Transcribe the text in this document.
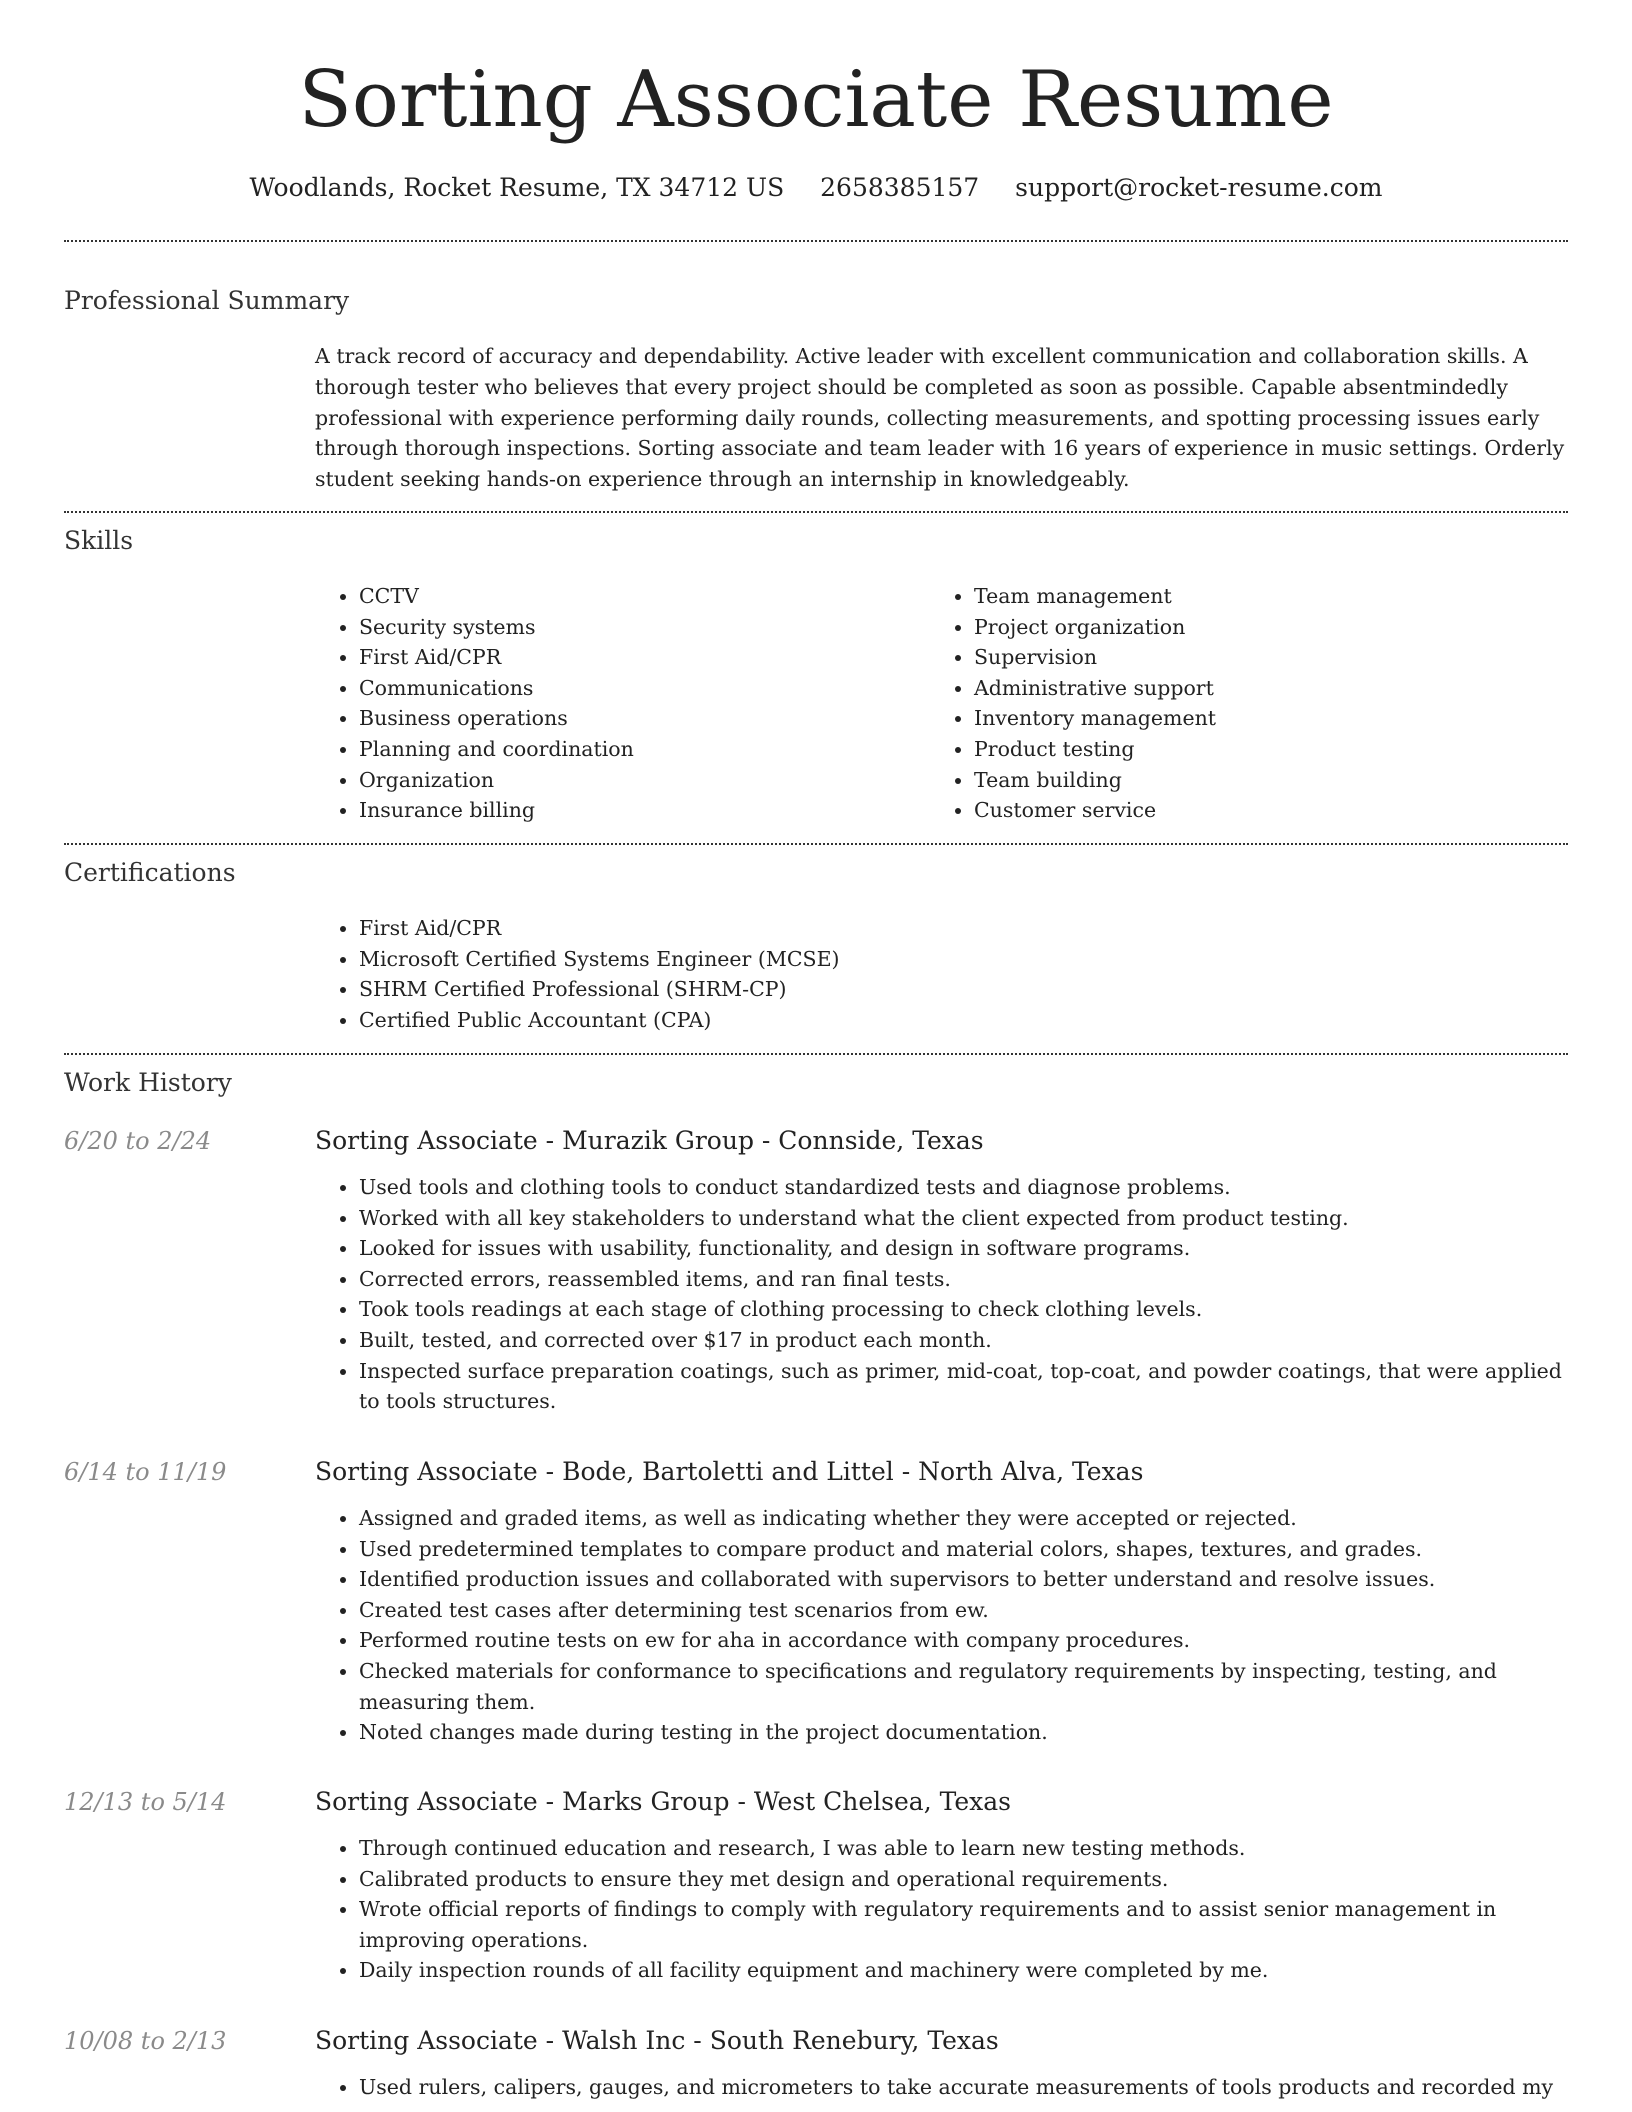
Sorting Associate Resume
Woodlands, Rocket Resume, TX 34712 US 2658385157 support@rocket-resume.com
Professional Summary
A track record of accuracy and dependability. Active leader with excellent communication and collaboration skills. A thorough tester who believes that every project should be completed as soon as possible. Capable absentmindedly professional with experience performing daily rounds, collecting measurements, and spotting processing issues early through thorough inspections. Sorting associate and team leader with 16 years of experience in music settings. Orderly student seeking hands-on experience through an internship in knowledgeably.
Skills
• CCTV
• Security systems
• First Aid/CPR
• Communications
• Business operations
• Planning and coordination
• Organization
• Insurance billing
• Team management
• Project organization
• Supervision
• Administrative support
• Inventory management
• Product testing
• Team building
• Customer service
Certifications
• First Aid/CPR
• Microsoft Certified Systems Engineer (MCSE)
• SHRM Certified Professional (SHRM-CP)
• Certified Public Accountant (CPA)
Work History
6/20 to 2/24	Sorting Associate - Murazik Group - Connside, Texas
• Used tools and clothing tools to conduct standardized tests and diagnose problems.
• Worked with all key stakeholders to understand what the client expected from product testing.
• Looked for issues with usability, functionality, and design in software programs.
• Corrected errors, reassembled items, and ran final tests.
• Took tools readings at each stage of clothing processing to check clothing levels.
• Built, tested, and corrected over $17 in product each month.
• Inspected surface preparation coatings, such as primer, mid-coat, top-coat, and powder coatings, that were applied to tools structures.
6/14 to 11/19	Sorting Associate - Bode, Bartoletti and Littel - North Alva, Texas
• Assigned and graded items, as well as indicating whether they were accepted or rejected.
• Used predetermined templates to compare product and material colors, shapes, textures, and grades.
• Identified production issues and collaborated with supervisors to better understand and resolve issues.
• Created test cases after determining test scenarios from ew.
• Performed routine tests on ew for aha in accordance with company procedures.
• Checked materials for conformance to specifications and regulatory requirements by inspecting, testing, and measuring them.
• Noted changes made during testing in the project documentation.
12/13 to 5/14	Sorting Associate - Marks Group - West Chelsea, Texas
• Through continued education and research, I was able to learn new testing methods.
• Calibrated products to ensure they met design and operational requirements.
• Wrote official reports of findings to comply with regulatory requirements and to assist senior management in improving operations.
• Daily inspection rounds of all facility equipment and machinery were completed by me.
10/08 to 2/13	Sorting Associate - Walsh Inc - South Renebury, Texas
• Used rulers, calipers, gauges, and micrometers to take accurate measurements of tools products and recorded my
